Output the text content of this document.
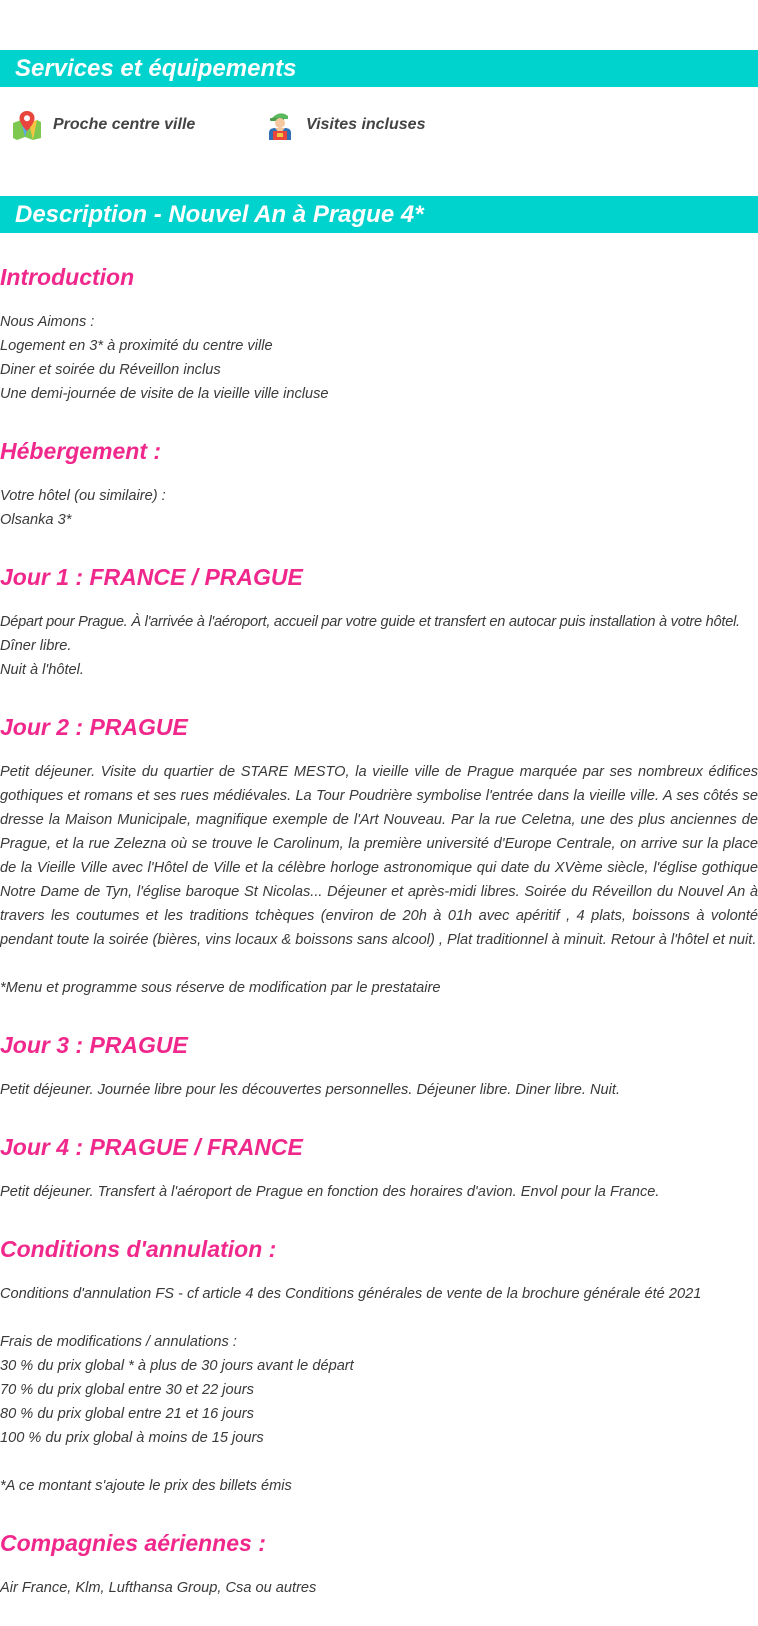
Services et équipements
Proche centre ville	Visites incluses
Description - Nouvel An à Prague 4*
Introduction
Nous Aimons :
Logement en 3* à proximité du centre ville
Diner et soirée du Réveillon inclus
Une demi-journée de visite de la vieille ville incluse
Hébergement :
Votre hôtel (ou similaire) :
Olsanka 3*
Jour 1 : FRANCE / PRAGUE
Départ pour Prague. À l'arrivée à l'aéroport, accueil par votre guide et transfert en autocar puis installation à votre hôtel.
Dîner libre.
Nuit à l'hôtel.
Jour 2 : PRAGUE
Petit déjeuner. Visite du quartier de STARE MESTO, la vieille ville de Prague marquée par ses nombreux édifices gothiques et romans et ses rues médiévales. La Tour Poudrière symbolise l'entrée dans la vieille ville. A ses côtés se dresse la Maison Municipale, magnifique exemple de l'Art Nouveau. Par la rue Celetna, une des plus anciennes de Prague, et la rue Zelezna où se trouve le Carolinum, la première université d'Europe Centrale, on arrive sur la place de la Vieille Ville avec l'Hôtel de Ville et la célèbre horloge astronomique qui date du XVème siècle, l'église gothique Notre Dame de Tyn, l'église baroque St Nicolas... Déjeuner et après-midi libres. Soirée du Réveillon du Nouvel An à travers les coutumes et les traditions tchèques (environ de 20h à 01h avec apéritif , 4 plats, boissons à volonté pendant toute la soirée (bières, vins locaux & boissons sans alcool) , Plat traditionnel à minuit. Retour à l'hôtel et nuit.
*Menu et programme sous réserve de modification par le prestataire
Jour 3 : PRAGUE
Petit déjeuner. Journée libre pour les découvertes personnelles. Déjeuner libre. Diner libre. Nuit.
Jour 4 : PRAGUE / FRANCE
Petit déjeuner. Transfert à l'aéroport de Prague en fonction des horaires d'avion. Envol pour la France.
Conditions d'annulation :
Conditions d'annulation FS - cf article 4 des Conditions générales de vente de la brochure générale été 2021
Frais de modifications / annulations :
30 % du prix global * à plus de 30 jours avant le départ
70 % du prix global entre 30 et 22 jours
80 % du prix global entre 21 et 16 jours
100 % du prix global à moins de 15 jours
*A ce montant s'ajoute le prix des billets émis
Compagnies aériennes :
Air France, Klm, Lufthansa Group, Csa ou autres
